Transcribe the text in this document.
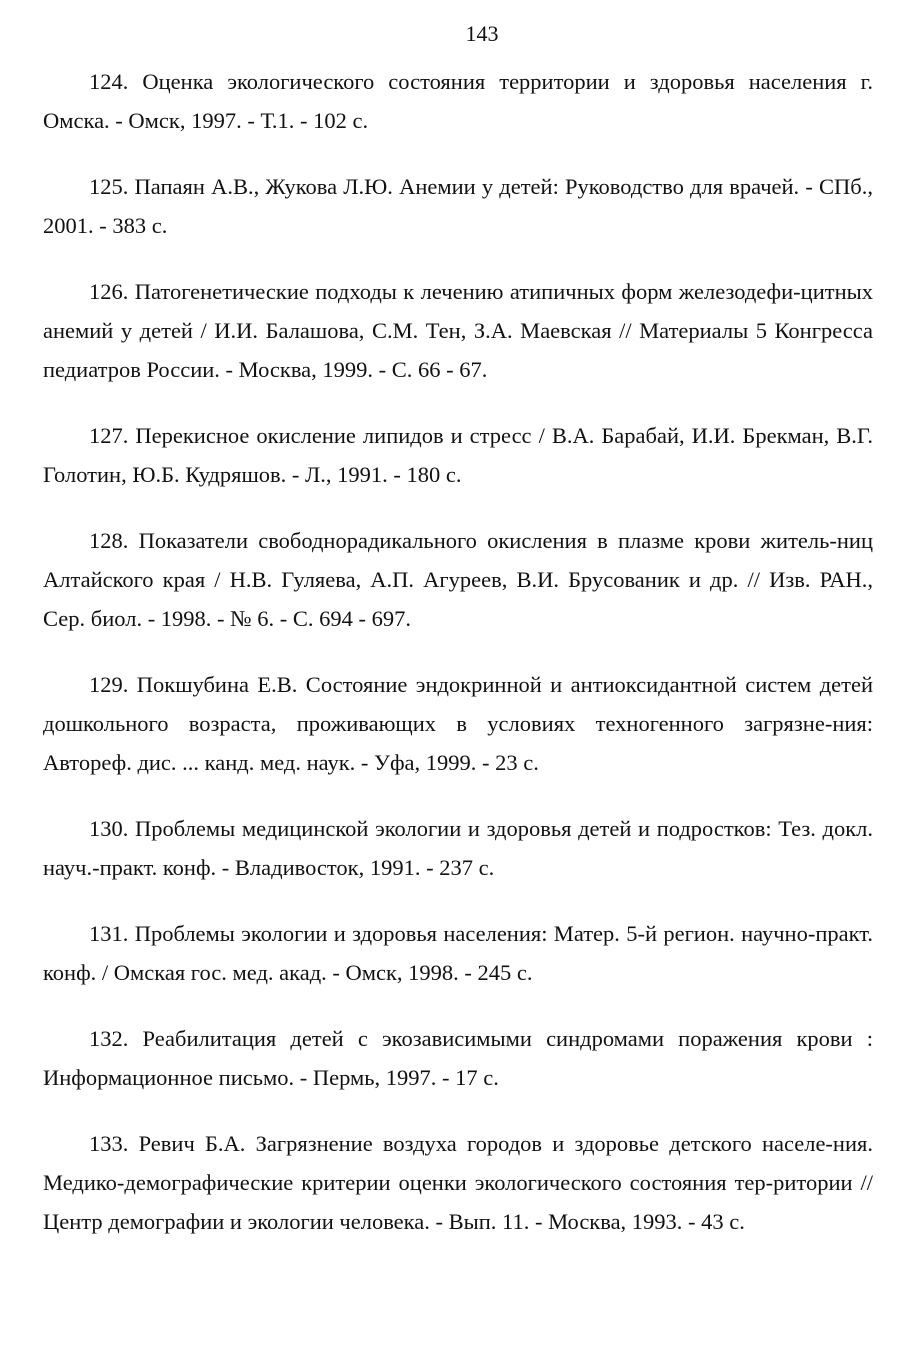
143

124. Оценка экологического состояния территории и здоровья населения г. Омска. - Омск, 1997. - Т.1. - 102 с.

125. Папаян А.В., Жукова Л.Ю. Анемии у детей: Руководство для врачей. - СПб., 2001. - 383 с.

126. Патогенетические подходы к лечению атипичных форм железодефи-цитных анемий у детей / И.И. Балашова, С.М. Тен, З.А. Маевская // Материалы 5 Конгресса педиатров России. - Москва, 1999. - С. 66 - 67.

127. Перекисное окисление липидов и стресс / В.А. Барабай, И.И. Брекман, В.Г. Голотин, Ю.Б. Кудряшов. - Л., 1991. - 180 с.

128. Показатели свободнорадикального окисления в плазме крови житель-ниц Алтайского края / Н.В. Гуляева, А.П. Агуреев, В.И. Брусованик и др. // Изв. РАН., Сер. биол. - 1998. - № 6. - С. 694 - 697.

129. Покшубина Е.В. Состояние эндокринной и антиоксидантной систем детей дошкольного возраста, проживающих в условиях техногенного загрязне-ния: Автореф. дис. ... канд. мед. наук. - Уфа, 1999. - 23 с.

130. Проблемы медицинской экологии и здоровья детей и подростков: Тез. докл. науч.-практ. конф. - Владивосток, 1991. - 237 с.

131. Проблемы экологии и здоровья населения: Матер. 5-й регион. научно-практ. конф. / Омская гос. мед. акад. - Омск, 1998. - 245 с.

132. Реабилитация детей с экозависимыми синдромами поражения крови : Информационное письмо. - Пермь, 1997. - 17 с.

133. Ревич Б.А. Загрязнение воздуха городов и здоровье детского населе-ния. Медико-демографические критерии оценки экологического состояния тер-ритории // Центр демографии и экологии человека. - Вып. 11. - Москва, 1993. - 43 с.
